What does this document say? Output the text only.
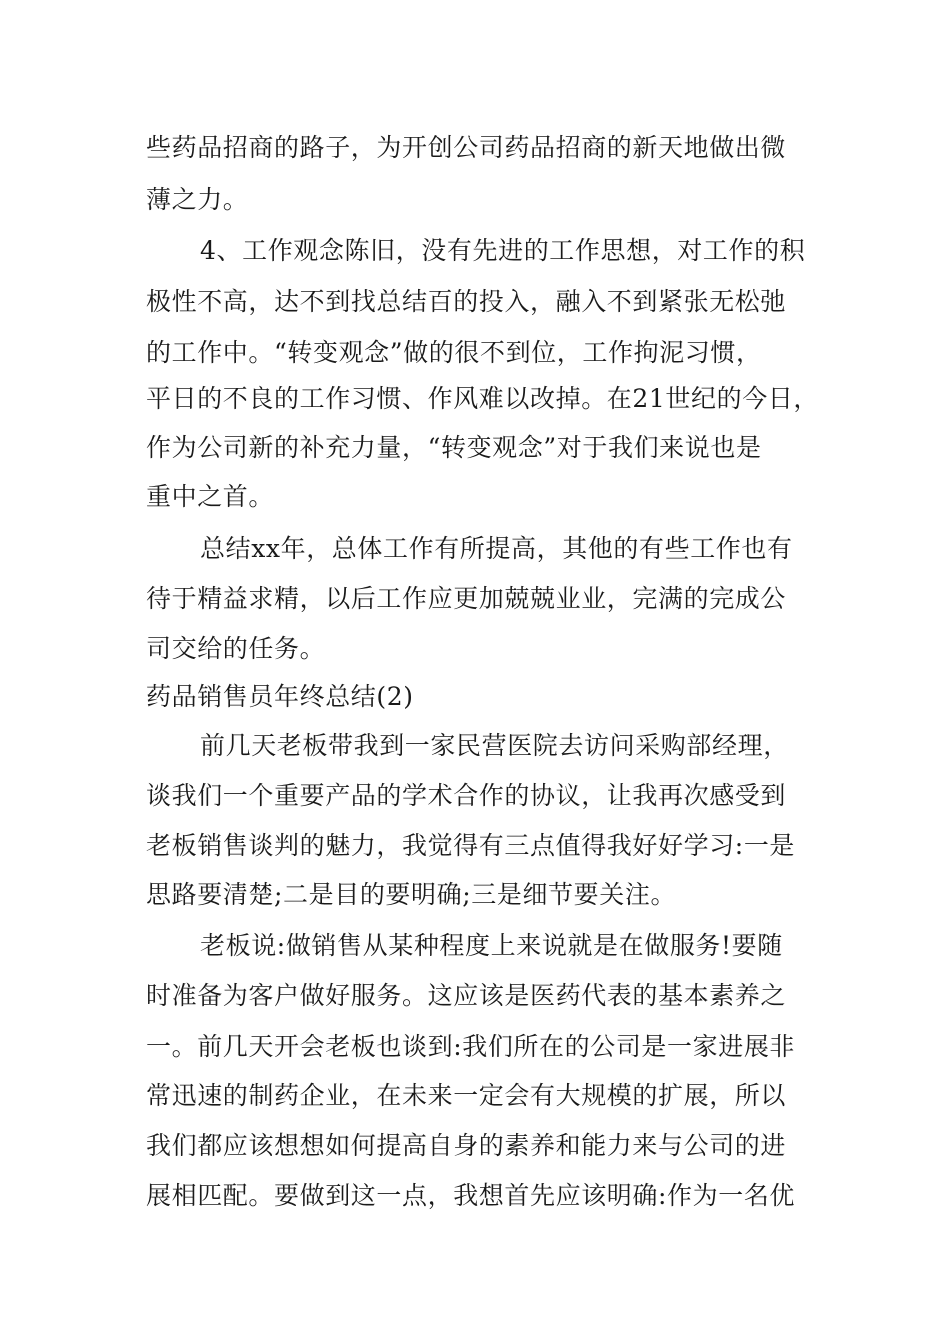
些药品招商的路子，为开创公司药品招商的新天地做出微
薄之力。
4、工作观念陈旧，没有先进的工作思想，对工作的积
极性不高，达不到找总结百的投入，融入不到紧张无松弛
的工作中。“转变观念”做的很不到位，工作拘泥习惯，
平日的不良的工作习惯、作风难以改掉。在21世纪的今日，
作为公司新的补充力量，“转变观念”对于我们来说也是
重中之首。
总结xx年，总体工作有所提高，其他的有些工作也有
待于精益求精，以后工作应更加兢兢业业，完满的完成公
司交给的任务。
药品销售员年终总结(2)
前几天老板带我到一家民营医院去访问采购部经理，
谈我们一个重要产品的学术合作的协议，让我再次感受到
老板销售谈判的魅力，我觉得有三点值得我好好学习:一是
思路要清楚;二是目的要明确;三是细节要关注。
老板说:做销售从某种程度上来说就是在做服务!要随
时准备为客户做好服务。这应该是医药代表的基本素养之
一。前几天开会老板也谈到:我们所在的公司是一家进展非
常迅速的制药企业，在未来一定会有大规模的扩展，所以
我们都应该想想如何提高自身的素养和能力来与公司的进
展相匹配。要做到这一点，我想首先应该明确:作为一名优
